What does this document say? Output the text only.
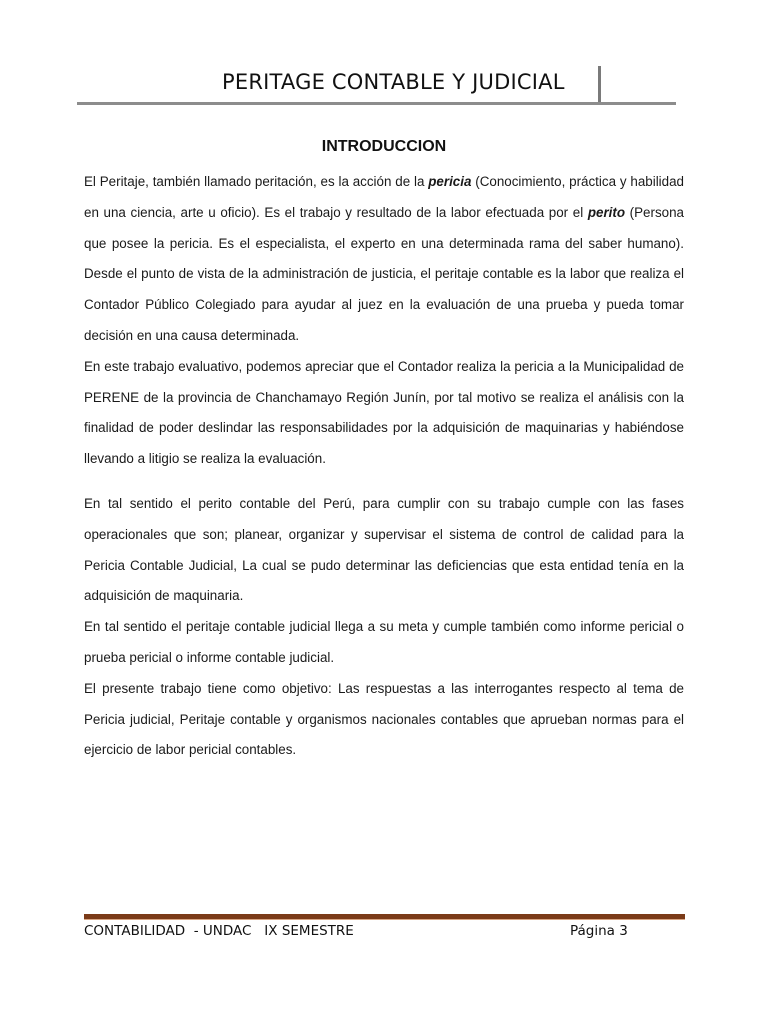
PERITAGE CONTABLE Y JUDICIAL
INTRODUCCION

El Peritaje, también llamado peritación, es la acción de la pericia (Conocimiento, práctica y habilidad en una ciencia, arte u oficio). Es el trabajo y resultado de la labor efectuada por el perito (Persona que posee la pericia. Es el especialista, el experto en una determinada rama del saber humano). Desde el punto de vista de la administración de justicia, el peritaje contable es la labor que realiza el Contador Público Colegiado para ayudar al juez en la evaluación de una prueba y pueda tomar decisión en una causa determinada.

En este trabajo evaluativo, podemos apreciar que el Contador realiza la pericia a la Municipalidad de PERENE de la provincia de Chanchamayo Región Junín, por tal motivo se realiza el análisis con la finalidad de poder deslindar las responsabilidades por la adquisición de maquinarias y habiéndose llevando a litigio se realiza la evaluación.

En tal sentido el perito contable del Perú, para cumplir con su trabajo cumple con las fases operacionales que son; planear, organizar y supervisar el sistema de control de calidad para la Pericia Contable Judicial, La cual se pudo determinar las deficiencias que esta entidad tenía en la adquisición de maquinaria.

En tal sentido el peritaje contable judicial llega a su meta y cumple también como informe pericial o prueba pericial o informe contable judicial.

El presente trabajo tiene como objetivo: Las respuestas a las interrogantes respecto al tema de Pericia judicial, Peritaje contable y organismos nacionales contables que aprueban normas para el ejercicio de labor pericial contables.

CONTABILIDAD  - UNDAC   IX SEMESTRE	Página 3
